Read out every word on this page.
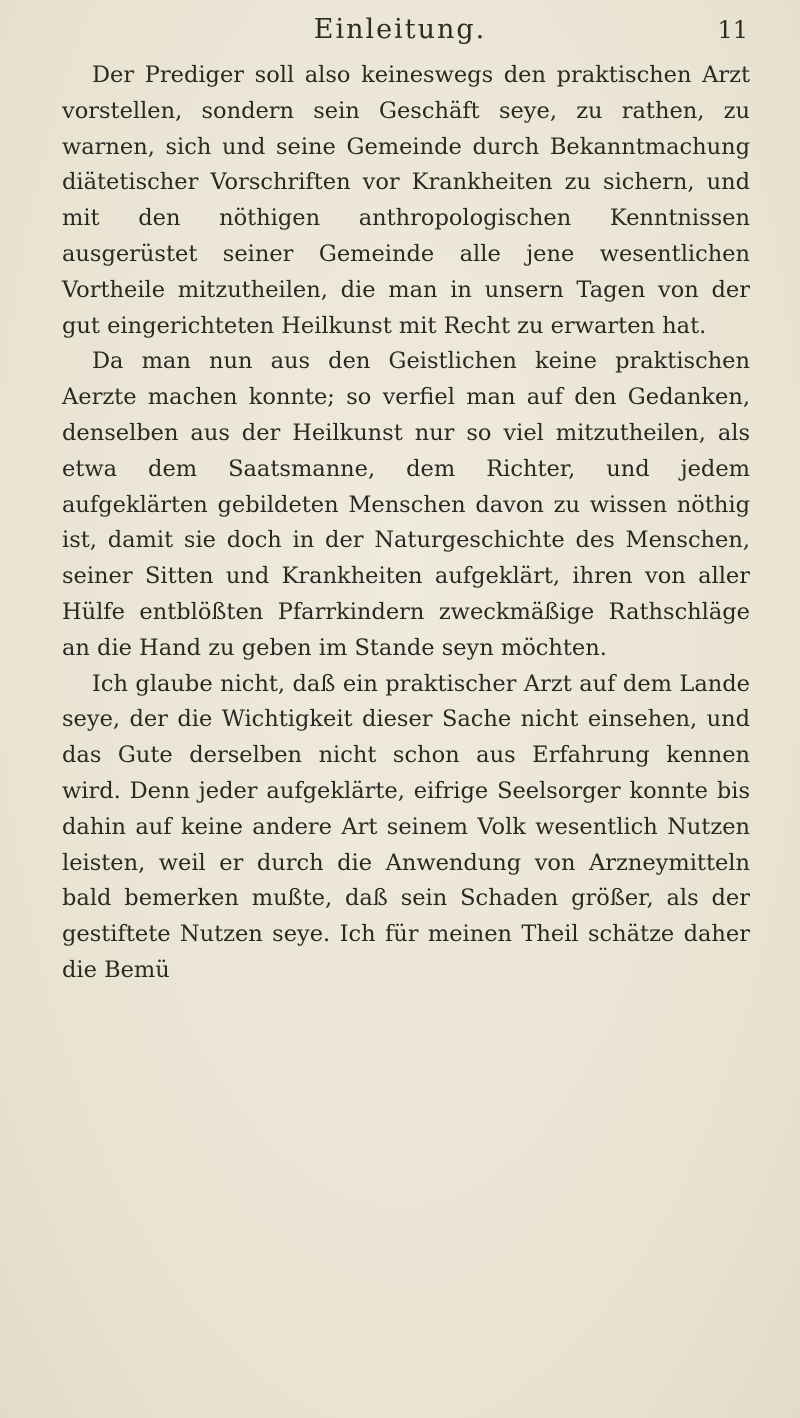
Einleitung.	11

Der Prediger soll also keineswegs den praktischen Arzt vorstellen, sondern sein Geschäft seye, zu rathen, zu warnen, sich und seine Gemeinde durch Bekanntmachung diätetischer Vorschriften vor Krankheiten zu sichern, und mit den nöthigen anthropologischen Kenntnissen ausgerüstet seiner Gemeinde alle jene wesentlichen Vortheile mitzutheilen, die man in unsern Tagen von der gut eingerichteten Heilkunst mit Recht zu erwarten hat.

Da man nun aus den Geistlichen keine praktischen Aerzte machen konnte; so verfiel man auf den Gedanken, denselben aus der Heilkunst nur so viel mitzutheilen, als etwa dem Saatsmanne, dem Richter, und jedem aufgeklärten gebildeten Menschen davon zu wissen nöthig ist, damit sie doch in der Naturgeschichte des Menschen, seiner Sitten und Krankheiten aufgeklärt, ihren von aller Hülfe entblößten Pfarrkindern zweckmäßige Rathschläge an die Hand zu geben im Stande seyn möchten.

Ich glaube nicht, daß ein praktischer Arzt auf dem Lande seye, der die Wichtigkeit dieser Sache nicht einsehen, und das Gute derselben nicht schon aus Erfahrung kennen wird. Denn jeder aufgeklärte, eifrige Seelsorger konnte bis dahin auf keine andere Art seinem Volk wesentlich Nutzen leisten, weil er durch die Anwendung von Arzneymitteln bald bemerken mußte, daß sein Schaden größer, als der gestiftete Nutzen seye. Ich für meinen Theil schätze daher die Bemü
